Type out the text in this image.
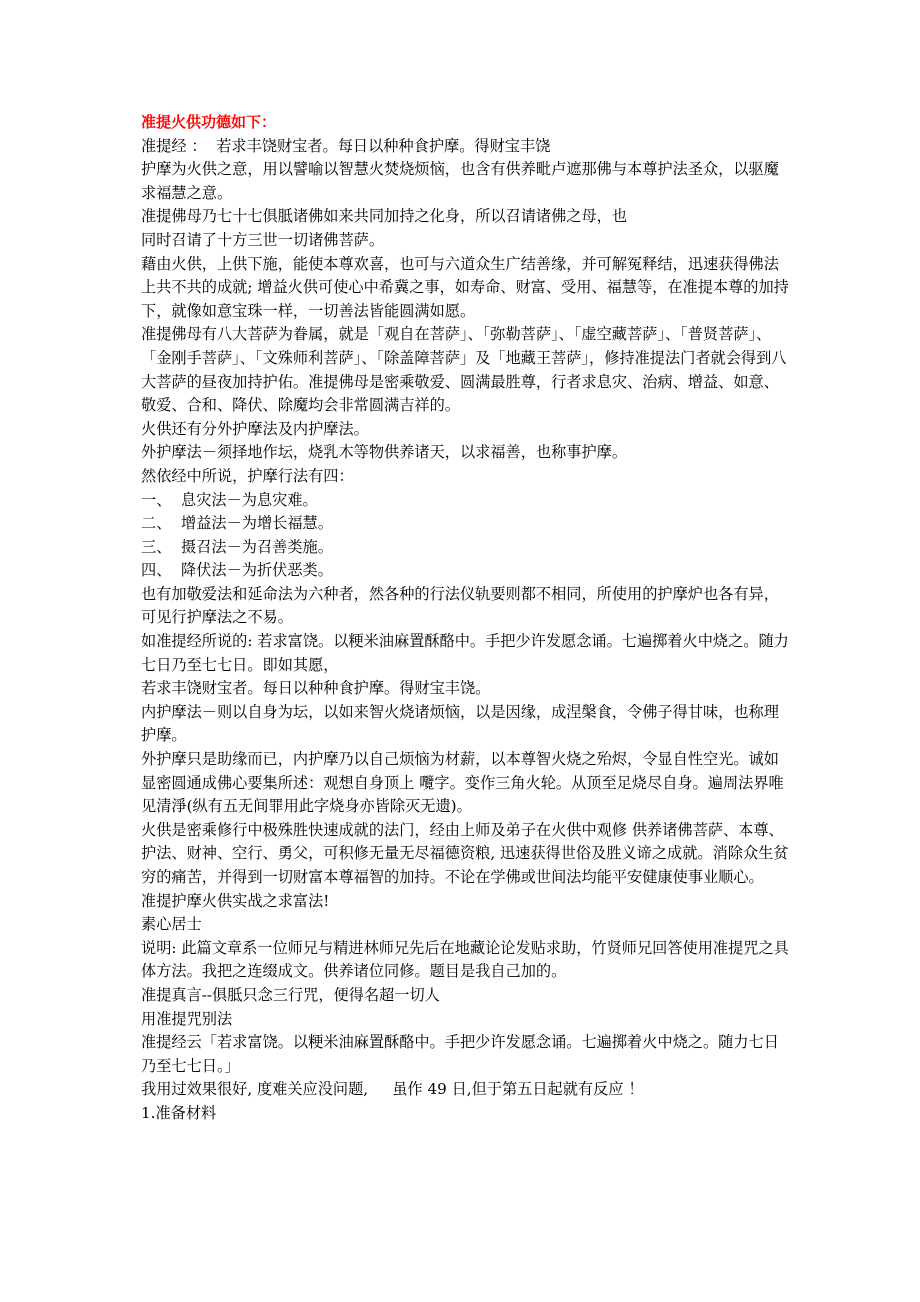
准提火供功德如下：

准提经 ：  若求丰饶财宝者。每日以种种食护摩。得财宝丰饶

护摩为火供之意，用以譬喻以智慧火焚烧烦恼，也含有供养毗卢遮那佛与本尊护法圣众，以驱魔求福慧之意。

准提佛母乃七十七俱胝诸佛如来共同加持之化身，所以召请诸佛之母，也

同时召请了十方三世一切诸佛菩萨。

藉由火供，上供下施，能使本尊欢喜，也可与六道众生广结善缘，并可解冤释结，迅速获得佛法上共不共的成就; 增益火供可使心中希冀之事，如寿命、财富、受用、福慧等，在准提本尊的加持下，就像如意宝珠一样，一切善法皆能圆满如愿。

准提佛母有八大菩萨为眷属，就是「观自在菩萨」、「弥勒菩萨」、「虚空藏菩萨」、「普贤菩萨」、「金刚手菩萨」、「文殊师利菩萨」、「除盖障菩萨」及「地藏王菩萨」，修持准提法门者就会得到八大菩萨的昼夜加持护佑。准提佛母是密乘敬爱、圆满最胜尊，行者求息灾、治病、增益、如意、敬爱、合和、降伏、除魔均会非常圆满吉祥的。

火供还有分外护摩法及内护摩法。

外护摩法－须择地作坛，烧乳木等物供养诸天，以求福善，也称事护摩。

然依经中所说，护摩行法有四：

一、  息灾法－为息灾难。

二、  增益法－为增长福慧。

三、  摄召法－为召善类施。

四、  降伏法－为折伏恶类。

也有加敬爱法和延命法为六种者，然各种的行法仪轨要则都不相同，所使用的护摩炉也各有异，可见行护摩法之不易。

如准提经所说的: 若求富饶。以粳米油麻置酥酪中。手把少许发愿念诵。七遍掷着火中烧之。随力七日乃至七七日。即如其愿，

若求丰饶财宝者。每日以种种食护摩。得财宝丰饶。

内护摩法－则以自身为坛，以如来智火烧诸烦恼，以是因缘，成涅槃食，令佛子得甘味，也称理护摩。

外护摩只是助缘而已，内护摩乃以自己烦恼为材薪，以本尊智火烧之殆烬，令显自性空光。诚如显密圆通成佛心要集所述：观想自身顶上 囕字。变作三角火轮。从顶至足烧尽自身。遍周法界唯见清淨(纵有五无间罪用此字烧身亦皆除灭无遗)。

火供是密乘修行中极殊胜快速成就的法门，经由上师及弟子在火供中观修 供养诸佛菩萨、本尊、护法、财神、空行、勇父，可积修无量无尽福德资粮, 迅速获得世俗及胜义谛之成就。消除众生贫穷的痛苦，并得到一切财富本尊福智的加持。不论在学佛或世间法均能平安健康使事业顺心。

准提护摩火供实战之求富法!

素心居士

说明: 此篇文章系一位师兄与精进林师兄先后在地藏论论发贴求助，竹贤师兄回答使用准提咒之具体方法。我把之连缀成文。供养诸位同修。题目是我自己加的。

准提真言--俱胝只念三行咒，便得名超一切人

用准提咒别法

准提经云「若求富饶。以粳米油麻置酥酪中。手把少许发愿念诵。七遍掷着火中烧之。随力七日乃至七七日。」

我用过效果很好, 度难关应没问题,     虽作 49 日,但于第五日起就有反应 ！

1.准备材料
